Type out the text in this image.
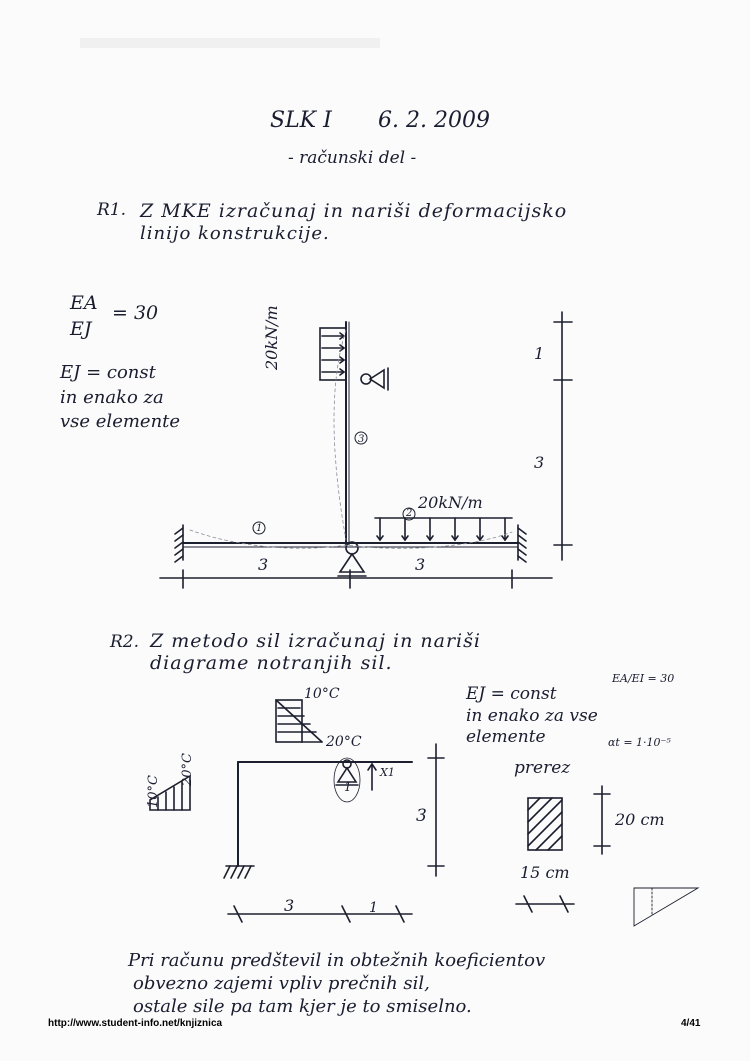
SLK I 6. 2. 2009
- računski del -
R1. Z MKE izračunaj in nariši deformacijsko
linijo konstrukcije.
EA
EJ
= 30
EJ = const
in enako za
vse elemente
20kN/m
20kN/m
3	3
1
3
1
2
3
R2. Z metodo sil izračunaj in nariši
diagrame notranjih sil.
EA/EI = 30
EJ = const
in enako za vse
elemente	αt = 1·10⁻⁵
10°C
20°C
10°C
20°C	X1
1
3
3	1
prerez
20 cm
15 cm
Pri računu predštevil in obtežnih koeficientov
obvezno zajemi vpliv prečnih sil,
ostale sile pa tam kjer je to smiselno.
http://www.student-info.net/knjiznica	4/41
